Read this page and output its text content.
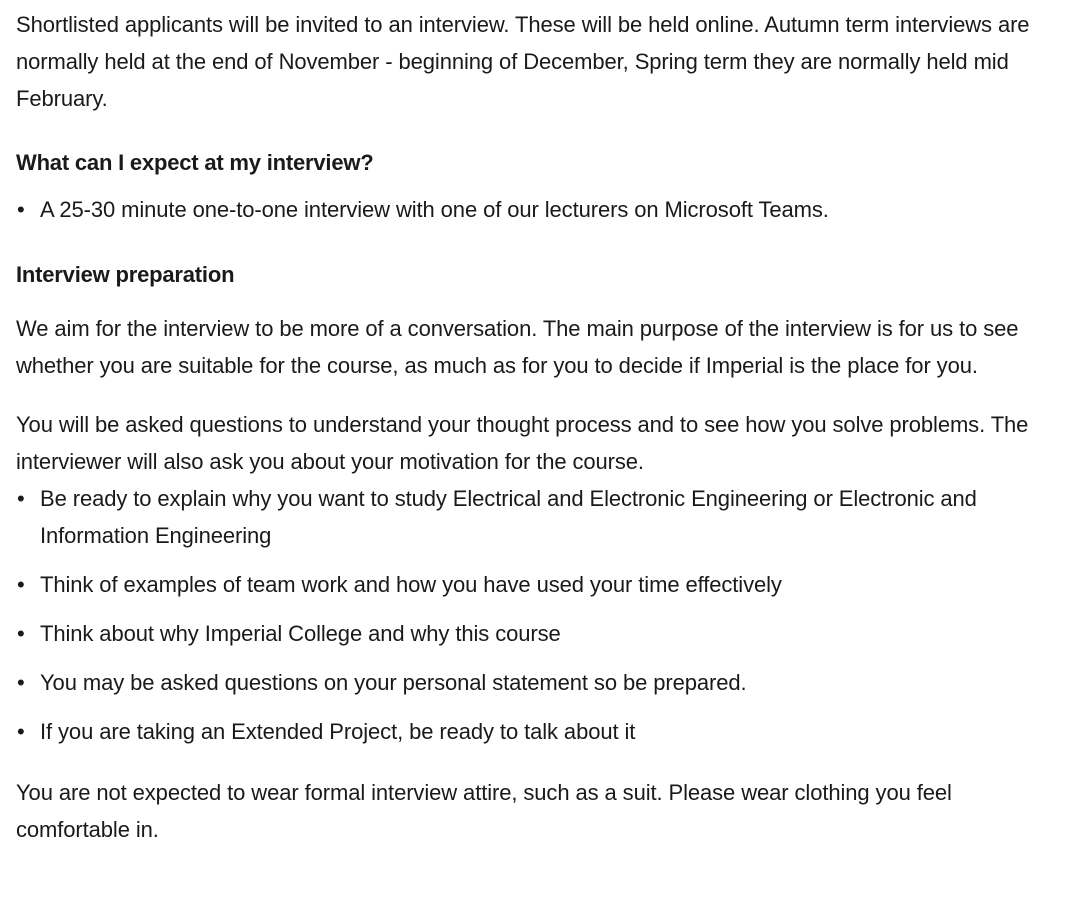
Shortlisted applicants will be invited to an interview. These will be held online. Autumn term interviews are normally held at the end of November - beginning of December, Spring term they are normally held mid February.

What can I expect at my interview?
• A 25-30 minute one-to-one interview with one of our lecturers on Microsoft Teams.
Interview preparation

We aim for the interview to be more of a conversation. The main purpose of the interview is for us to see whether you are suitable for the course, as much as for you to decide if Imperial is the place for you.

You will be asked questions to understand your thought process and to see how you solve problems. The interviewer will also ask you about your motivation for the course.

• Be ready to explain why you want to study Electrical and Electronic Engineering or Electronic and Information Engineering
• Think of examples of team work and how you have used your time effectively
• Think about why Imperial College and why this course
• You may be asked questions on your personal statement so be prepared.
• If you are taking an Extended Project, be ready to talk about it

You are not expected to wear formal interview attire, such as a suit. Please wear clothing you feel comfortable in.
